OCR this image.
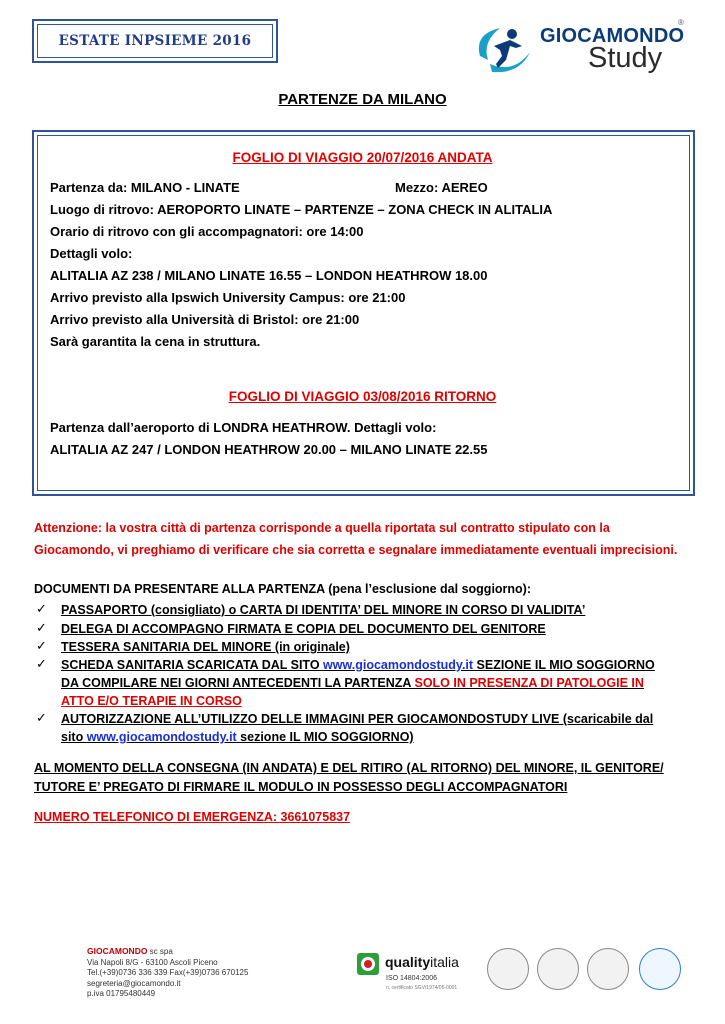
ESTATE INPSIEME 2016	GIOCAMONDO
Study
®
PARTENZE DA MILANO
FOGLIO DI VIAGGIO 20/07/2016 ANDATA
Partenza da: MILANO - LINATE	Mezzo: AEREO
Luogo di ritrovo: AEROPORTO LINATE – PARTENZE – ZONA CHECK IN ALITALIA
Orario di ritrovo con gli accompagnatori: ore 14:00
Dettagli volo:
ALITALIA AZ 238 / MILANO LINATE 16.55 – LONDON HEATHROW 18.00
Arrivo previsto alla Ipswich University Campus: ore 21:00
Arrivo previsto alla Università di Bristol: ore 21:00
Sarà garantita la cena in struttura.
FOGLIO DI VIAGGIO 03/08/2016 RITORNO
Partenza dall’aeroporto di LONDRA HEATHROW. Dettagli volo:
ALITALIA AZ 247 / LONDON HEATHROW 20.00 – MILANO LINATE 22.55
Attenzione: la vostra città di partenza corrisponde a quella riportata sul contratto stipulato con la
Giocamondo, vi preghiamo di verificare che sia corretta e segnalare immediatamente eventuali imprecisioni.
DOCUMENTI DA PRESENTARE ALLA PARTENZA (pena l’esclusione dal soggiorno):
✓ PASSAPORTO (consigliato) o CARTA DI IDENTITA’ DEL MINORE IN CORSO DI VALIDITA’
✓ DELEGA DI ACCOMPAGNO FIRMATA E COPIA DEL DOCUMENTO DEL GENITORE
✓ TESSERA SANITARIA DEL MINORE (in originale)
✓ SCHEDA SANITARIA SCARICATA DAL SITO www.giocamondostudy.it SEZIONE IL MIO SOGGIORNO
DA COMPILARE NEI GIORNI ANTECEDENTI LA PARTENZA SOLO IN PRESENZA DI PATOLOGIE IN
ATTO E/O TERAPIE IN CORSO
✓ AUTORIZZAZIONE ALL’UTILIZZO DELLE IMMAGINI PER GIOCAMONDOSTUDY LIVE (scaricabile dal
sito www.giocamondostudy.it sezione IL MIO SOGGIORNO)
AL MOMENTO DELLA CONSEGNA (IN ANDATA) E DEL RITIRO (AL RITORNO) DEL MINORE, IL GENITORE/
TUTORE E’ PREGATO DI FIRMARE IL MODULO IN POSSESSO DEGLI ACCOMPAGNATORI
NUMERO TELEFONICO DI EMERGENZA: 3661075837
GIOCAMONDO sc spa
Via Napoli 8/G - 63100 Ascoli Piceno
Tel.(+39)0736 336 339 Fax(+39)0736 670125
segreteria@giocamondo.it
p.iva 01795480449
qualityitalia
ISO 14804:2006
n. certificato SGV/1974/05-0001
